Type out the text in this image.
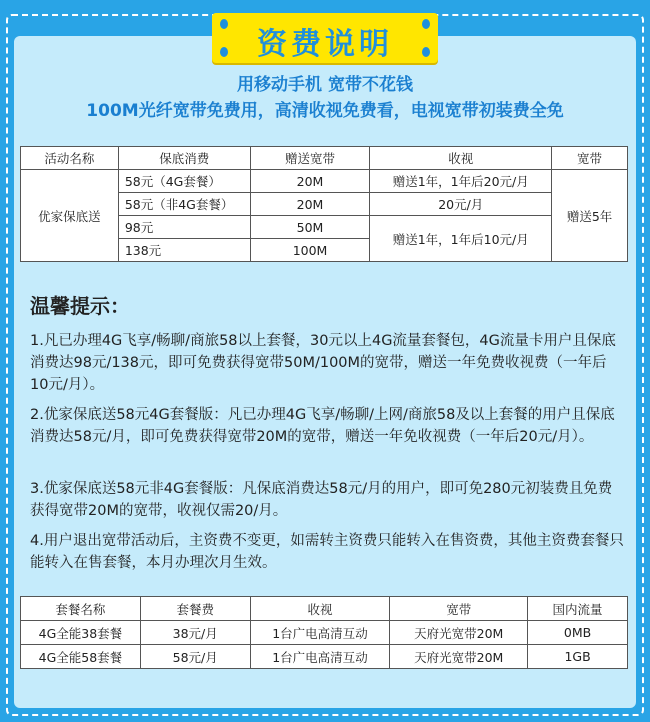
资费说明
用移动手机 宽带不花钱
100M光纤宽带免费用，高清收视免费看，电视宽带初装费全免
活动名称	保底消费	赠送宽带	收视	宽带
优家保底送	58元（4G套餐）	20M	赠送1年，1年后20元/月	赠送5年
	58元（非4G套餐）	20M	20元/月	
	98元	50M	赠送1年，1年后10元/月	
	138元	100M		
温馨提示：
1.凡已办理4G飞享/畅聊/商旅58以上套餐，30元以上4G流量套餐包，4G流量卡用户且保底消费达98元/138元，即可免费获得宽带50M/100M的宽带，赠送一年免费收视费（一年后10元/月）。
2.优家保底送58元4G套餐版：凡已办理4G飞享/畅聊/上网/商旅58及以上套餐的用户且保底消费达58元/月，即可免费获得宽带20M的宽带，赠送一年免收视费（一年后20元/月）。
3.优家保底送58元非4G套餐版：凡保底消费达58元/月的用户，即可免280元初装费且免费获得宽带20M的宽带，收视仅需20/月。
4.用户退出宽带活动后，主资费不变更，如需转主资费只能转入在售资费，其他主资费套餐只能转入在售套餐，本月办理次月生效。
套餐名称	套餐费	收视	宽带	国内流量
4G全能38套餐	38元/月	1台广电高清互动	天府光宽带20M	0MB
4G全能58套餐	58元/月	1台广电高清互动	天府光宽带20M	1GB
